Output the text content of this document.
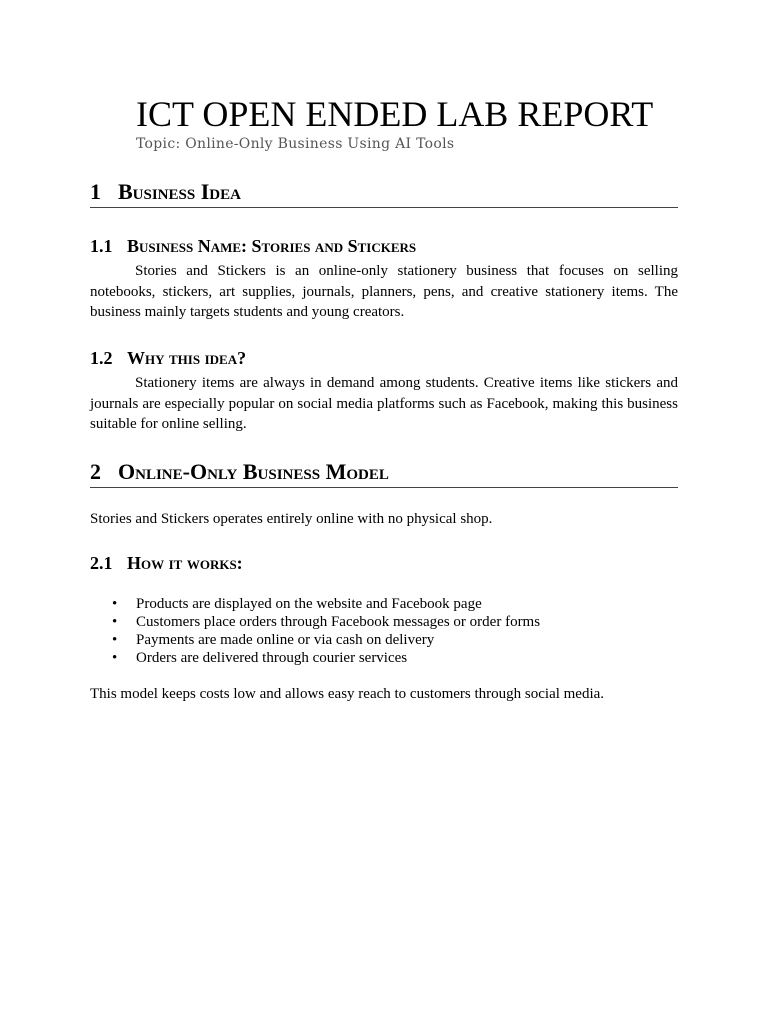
ICT OPEN ENDED LAB REPORT
Topic: Online-Only Business Using AI Tools
1 Business Idea
1.1 Business Name: Stories and Stickers

Stories and Stickers is an online-only stationery business that focuses on selling notebooks, stickers, art supplies, journals, planners, pens, and creative stationery items. The business mainly targets students and young creators.

1.2 Why this idea?

Stationery items are always in demand among students. Creative items like stickers and journals are especially popular on social media platforms such as Facebook, making this business suitable for online selling.

2 Online-Only Business Model

Stories and Stickers operates entirely online with no physical shop.

2.1 How it works:
• Products are displayed on the website and Facebook page
• Customers place orders through Facebook messages or order forms
• Payments are made online or via cash on delivery
• Orders are delivered through courier services

This model keeps costs low and allows easy reach to customers through social media.
